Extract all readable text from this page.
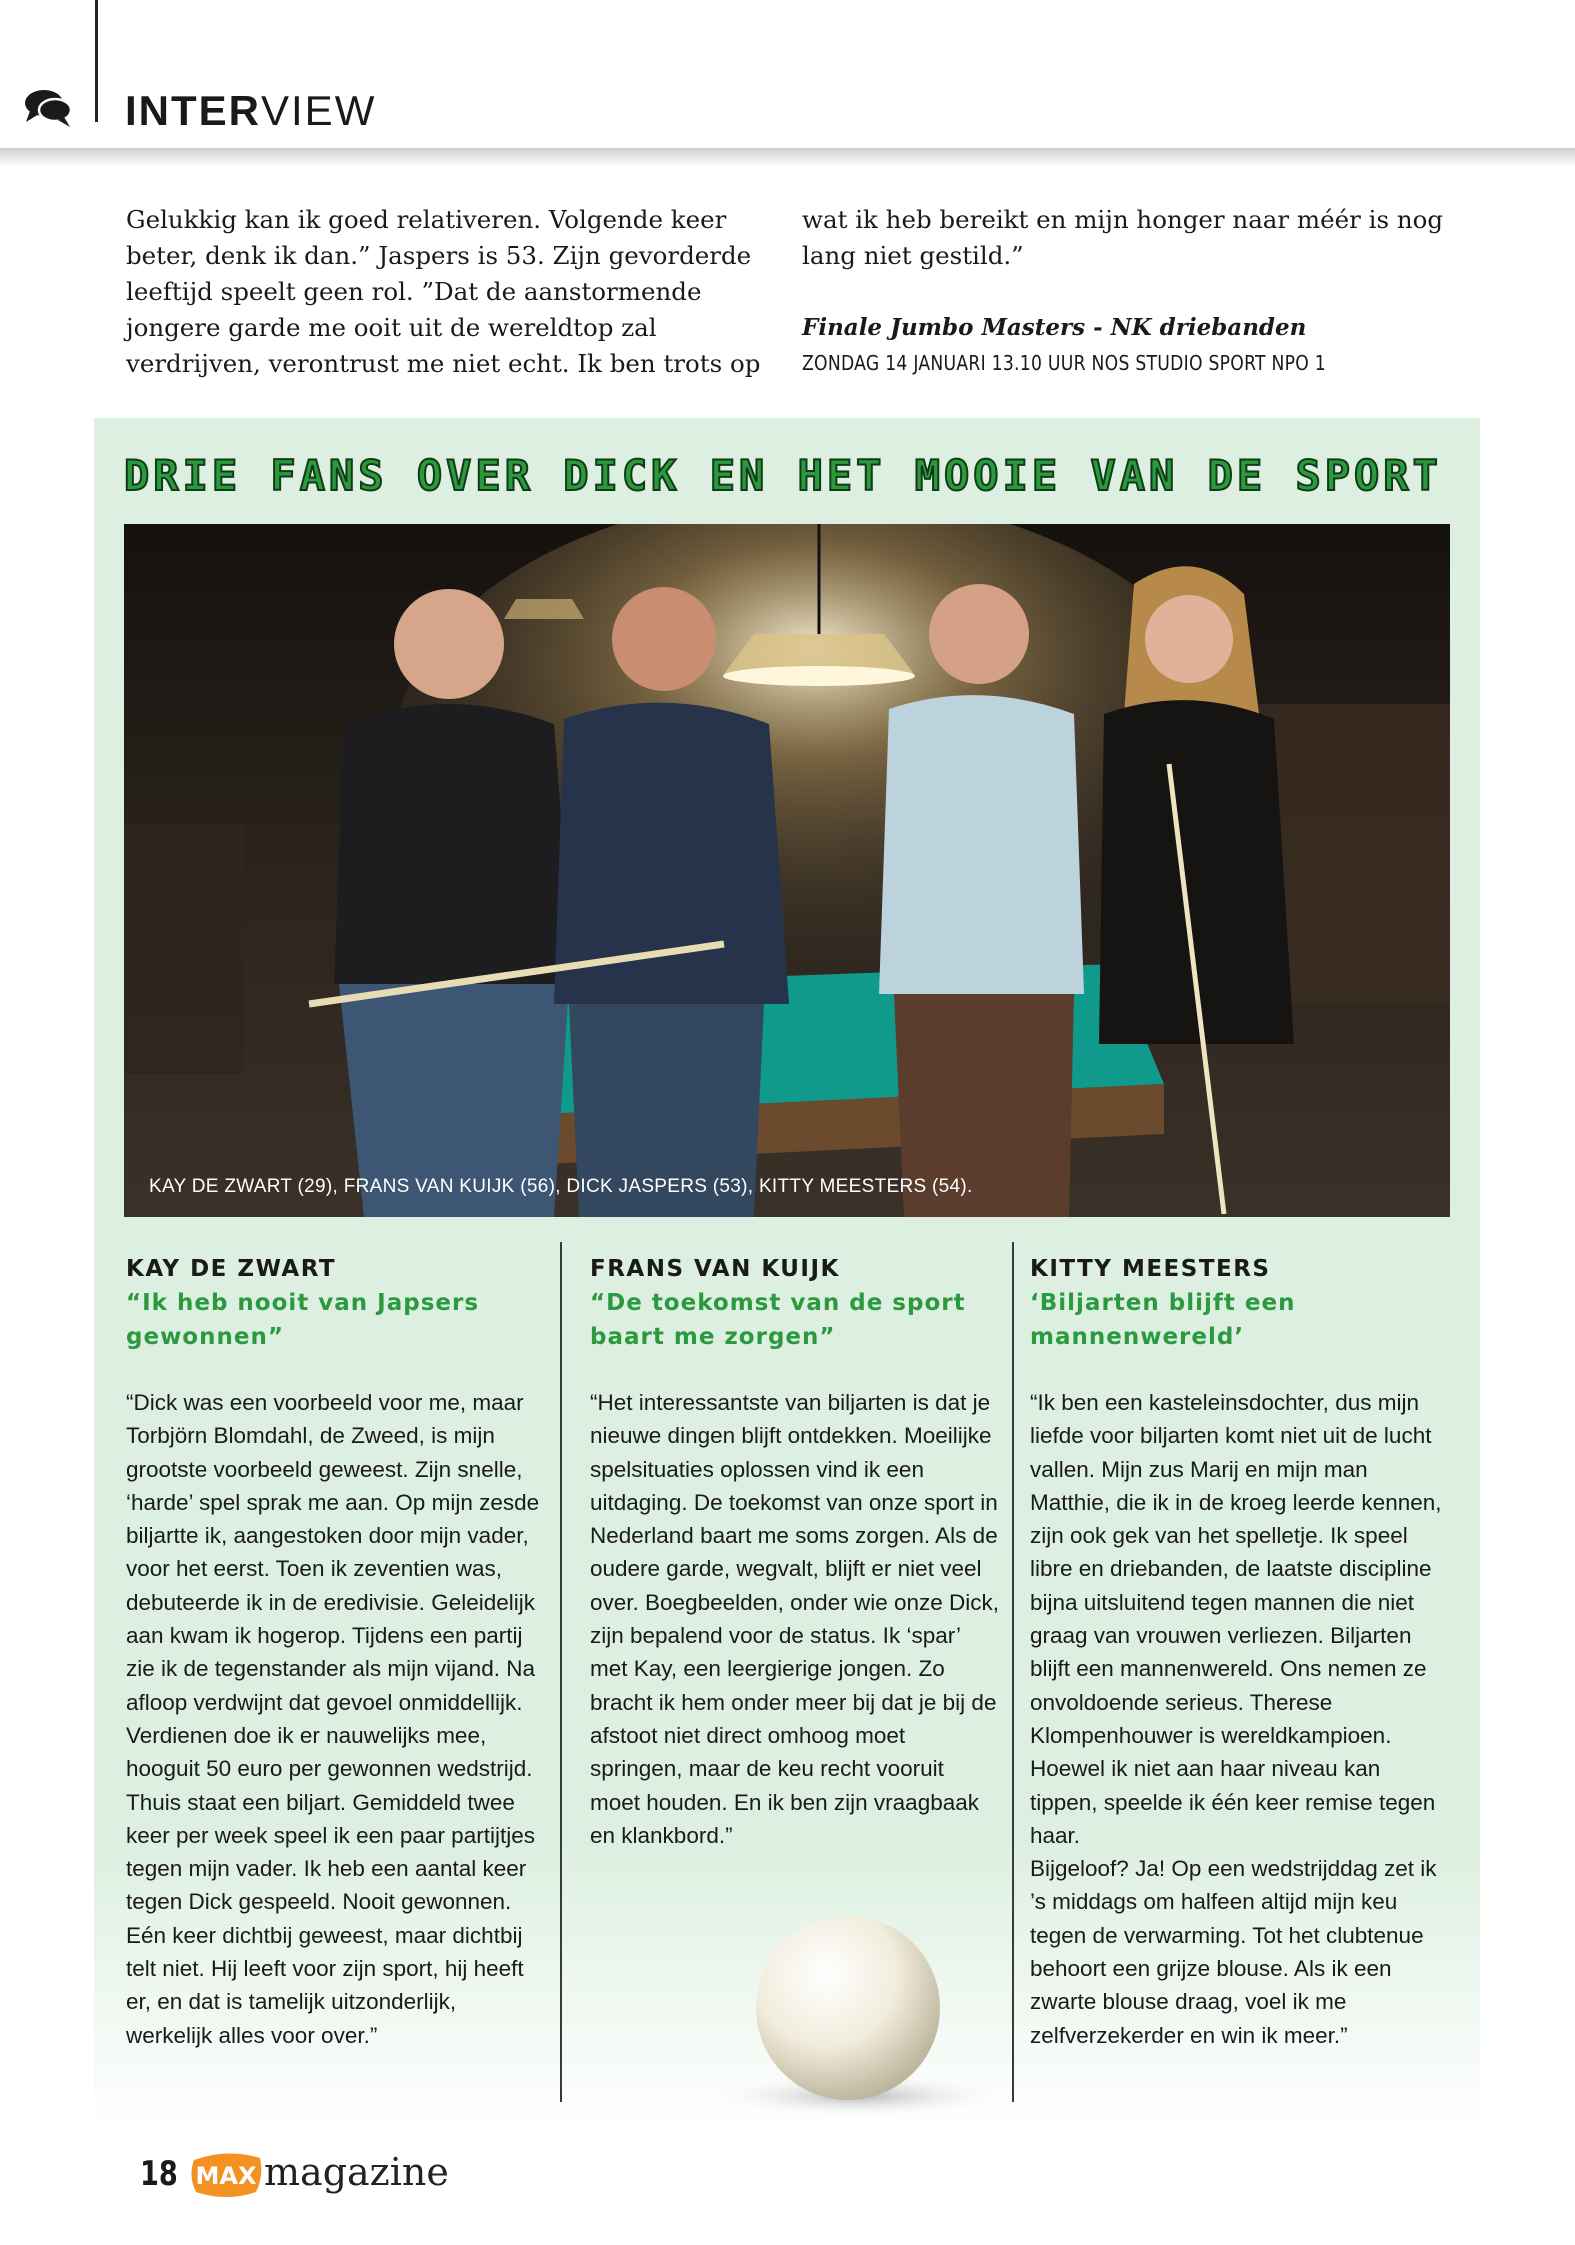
INTERVIEW
Gelukkig kan ik goed relativeren. Volgende keer beter, denk ik dan.” Jaspers is 53. Zijn gevorderde leeftijd speelt geen rol. ”Dat de aanstormende jongere garde me ooit uit de wereldtop zal verdrijven, verontrust me niet echt. Ik ben trots op

wat ik heb bereikt en mijn honger naar méér is nog lang niet gestild.”

Finale Jumbo Masters - NK driebanden

ZONDAG 14 JANUARI 13.10 UUR NOS STUDIO SPORT NPO 1

DRIE FANS OVER DICK EN HET MOOIE VAN DE SPORT
KAY DE ZWART (29), FRANS VAN KUIJK (56), DICK JASPERS (53), KITTY MEESTERS (54).
KAY DE ZWART
“Ik heb nooit van Japsers gewonnen”

“Dick was een voorbeeld voor me, maar Torbjörn Blomdahl, de Zweed, is mijn grootste voorbeeld geweest. Zijn snelle, ‘harde’ spel sprak me aan. Op mijn zesde biljartte ik, aangestoken door mijn vader, voor het eerst. Toen ik zeventien was, debuteerde ik in de eredivisie. Geleidelijk aan kwam ik hogerop. Tijdens een partij zie ik de tegenstander als mijn vijand. Na afloop verdwijnt dat gevoel onmiddellijk. Verdienen doe ik er nauwelijks mee, hooguit 50 euro per gewonnen wedstrijd. Thuis staat een biljart. Gemiddeld twee keer per week speel ik een paar partijtjes tegen mijn vader. Ik heb een aantal keer tegen Dick gespeeld. Nooit gewonnen. Eén keer dichtbij geweest, maar dichtbij telt niet. Hij leeft voor zijn sport, hij heeft er, en dat is tamelijk uitzonderlijk, werkelijk alles voor over.”

FRANS VAN KUIJK
“De toekomst van de sport baart me zorgen”

“Het interessantste van biljarten is dat je nieuwe dingen blijft ontdekken. Moeilijke spelsituaties oplossen vind ik een uitdaging. De toekomst van onze sport in Nederland baart me soms zorgen. Als de oudere garde, wegvalt, blijft er niet veel over. Boegbeelden, onder wie onze Dick, zijn bepalend voor de status. Ik ‘spar’ met Kay, een leergierige jongen. Zo bracht ik hem onder meer bij dat je bij de afstoot niet direct omhoog moet springen, maar de keu recht vooruit moet houden. En ik ben zijn vraagbaak en klankbord.”

KITTY MEESTERS
‘Biljarten blijft een mannenwereld’

“Ik ben een kasteleinsdochter, dus mijn liefde voor biljarten komt niet uit de lucht vallen. Mijn zus Marij en mijn man Matthie, die ik in de kroeg leerde kennen, zijn ook gek van het spelletje. Ik speel libre en driebanden, de laatste discipline bijna uitsluitend tegen mannen die niet graag van vrouwen verliezen. Biljarten blijft een mannenwereld. Ons nemen ze onvoldoende serieus. Therese Klompenhouwer is wereldkampioen. Hoewel ik niet aan haar niveau kan tippen, speelde ik één keer remise tegen haar.

Bijgeloof? Ja! Op een wedstrijddag zet ik ’s middags om halfeen altijd mijn keu tegen de verwarming. Tot het clubtenue behoort een grijze blouse. Als ik een zwarte blouse draag, voel ik me zelfverzekerder en win ik meer.”

18 MAX magazine
